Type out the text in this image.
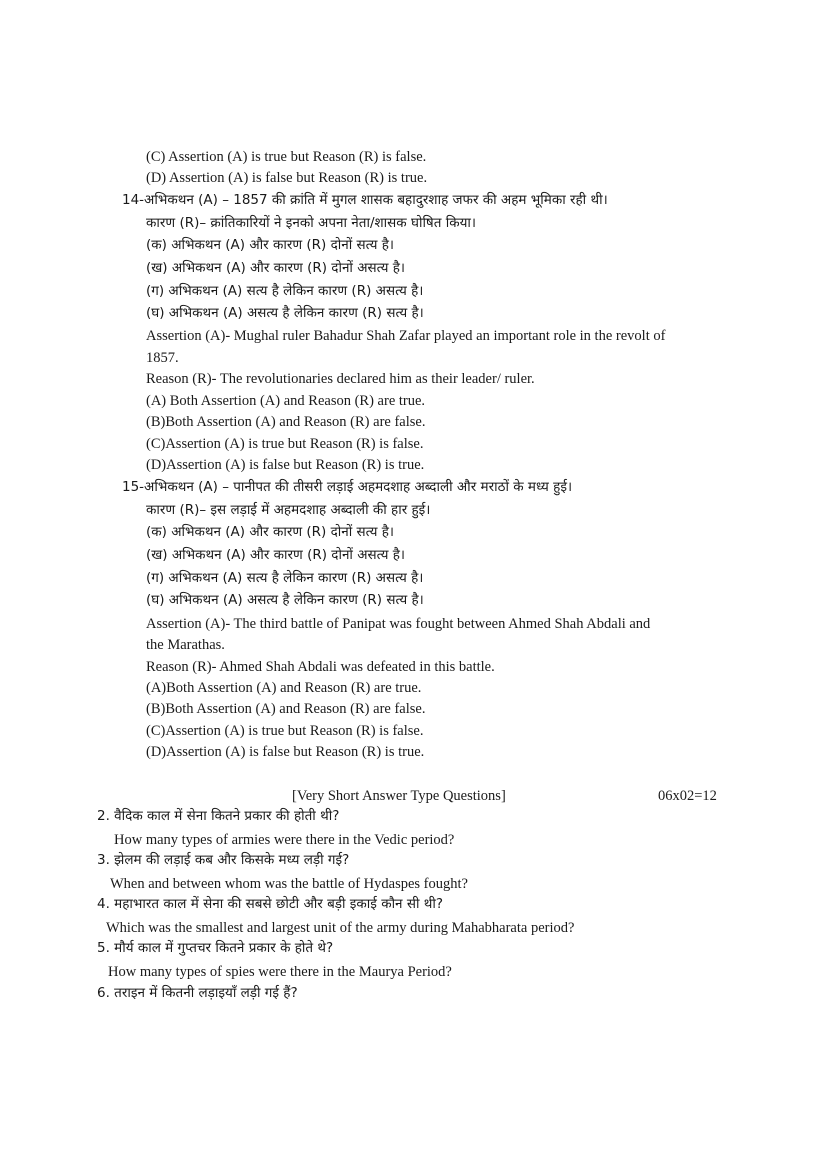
(C) Assertion (A) is true but Reason (R) is false.
(D) Assertion (A) is false but Reason (R) is true.
14-अभिकथन (A) – 1857 की क्रांति में मुगल शासक बहादुरशाह जफर की अहम भूमिका रही थी।
कारण (R)– क्रांतिकारियों ने इनको अपना नेता/शासक घोषित किया।
(क) अभिकथन (A) और कारण (R) दोनों सत्य है।
(ख) अभिकथन (A) और कारण (R) दोनों असत्य है।
(ग) अभिकथन (A) सत्य है लेकिन कारण (R) असत्य है।
(घ) अभिकथन (A) असत्य है लेकिन कारण (R) सत्य है।
Assertion (A)- Mughal ruler Bahadur Shah Zafar played an important role in the revolt of
1857.
Reason (R)- The revolutionaries declared him as their leader/ ruler.
(A) Both Assertion (A) and Reason (R) are true.
(B)Both Assertion (A) and Reason (R) are false.
(C)Assertion (A) is true but Reason (R) is false.
(D)Assertion (A) is false but Reason (R) is true.
15-अभिकथन (A) – पानीपत की तीसरी लड़ाई अहमदशाह अब्दाली और मराठों के मध्य हुई।
कारण (R)– इस लड़ाई में अहमदशाह अब्दाली की हार हुई।
(क) अभिकथन (A) और कारण (R) दोनों सत्य है।
(ख) अभिकथन (A) और कारण (R) दोनों असत्य है।
(ग) अभिकथन (A) सत्य है लेकिन कारण (R) असत्य है।
(घ) अभिकथन (A) असत्य है लेकिन कारण (R) सत्य है।
Assertion (A)- The third battle of Panipat was fought between Ahmed Shah Abdali and
the Marathas.
Reason (R)- Ahmed Shah Abdali was defeated in this battle.
(A)Both Assertion (A) and Reason (R) are true.
(B)Both Assertion (A) and Reason (R) are false.
(C)Assertion (A) is true but Reason (R) is false.
(D)Assertion (A) is false but Reason (R) is true.
[Very Short Answer Type Questions]	06x02=12
2. वैदिक काल में सेना कितने प्रकार की होती थी?
How many types of armies were there in the Vedic period?
3. झेलम की लड़ाई कब और किसके मध्य लड़ी गई?
When and between whom was the battle of Hydaspes fought?
4. महाभारत काल में सेना की सबसे छोटी और बड़ी इकाई कौन सी थी?
Which was the smallest and largest unit of the army during Mahabharata period?
5. मौर्य काल में गुप्तचर कितने प्रकार के होते थे?
How many types of spies were there in the Maurya Period?
6. तराइन में कितनी लड़ाइयाँ लड़ी गई हैं?
